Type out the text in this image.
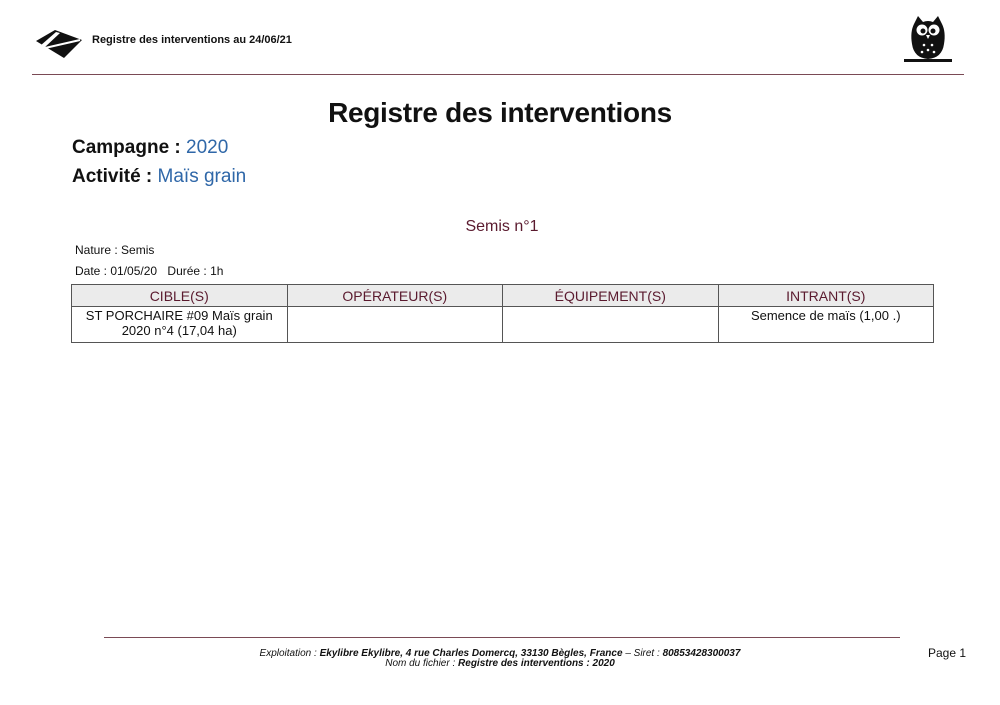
Registre des interventions au 24/06/21
Registre des interventions
Campagne : 2020
Activité : Maïs grain
Semis n°1
Nature : Semis
Date : 01/05/20 Durée : 1h
CIBLE(S)	OPÉRATEUR(S)	ÉQUIPEMENT(S)	INTRANT(S)
ST PORCHAIRE #09 Maïs grain 2020 n°4 (17,04 ha)			Semence de maïs (1,00 .)
Exploitation : Ekylibre Ekylibre, 4 rue Charles Domercq, 33130 Bègles, France – Siret : 80853428300037
Nom du fichier : Registre des interventions : 2020
Page 1
